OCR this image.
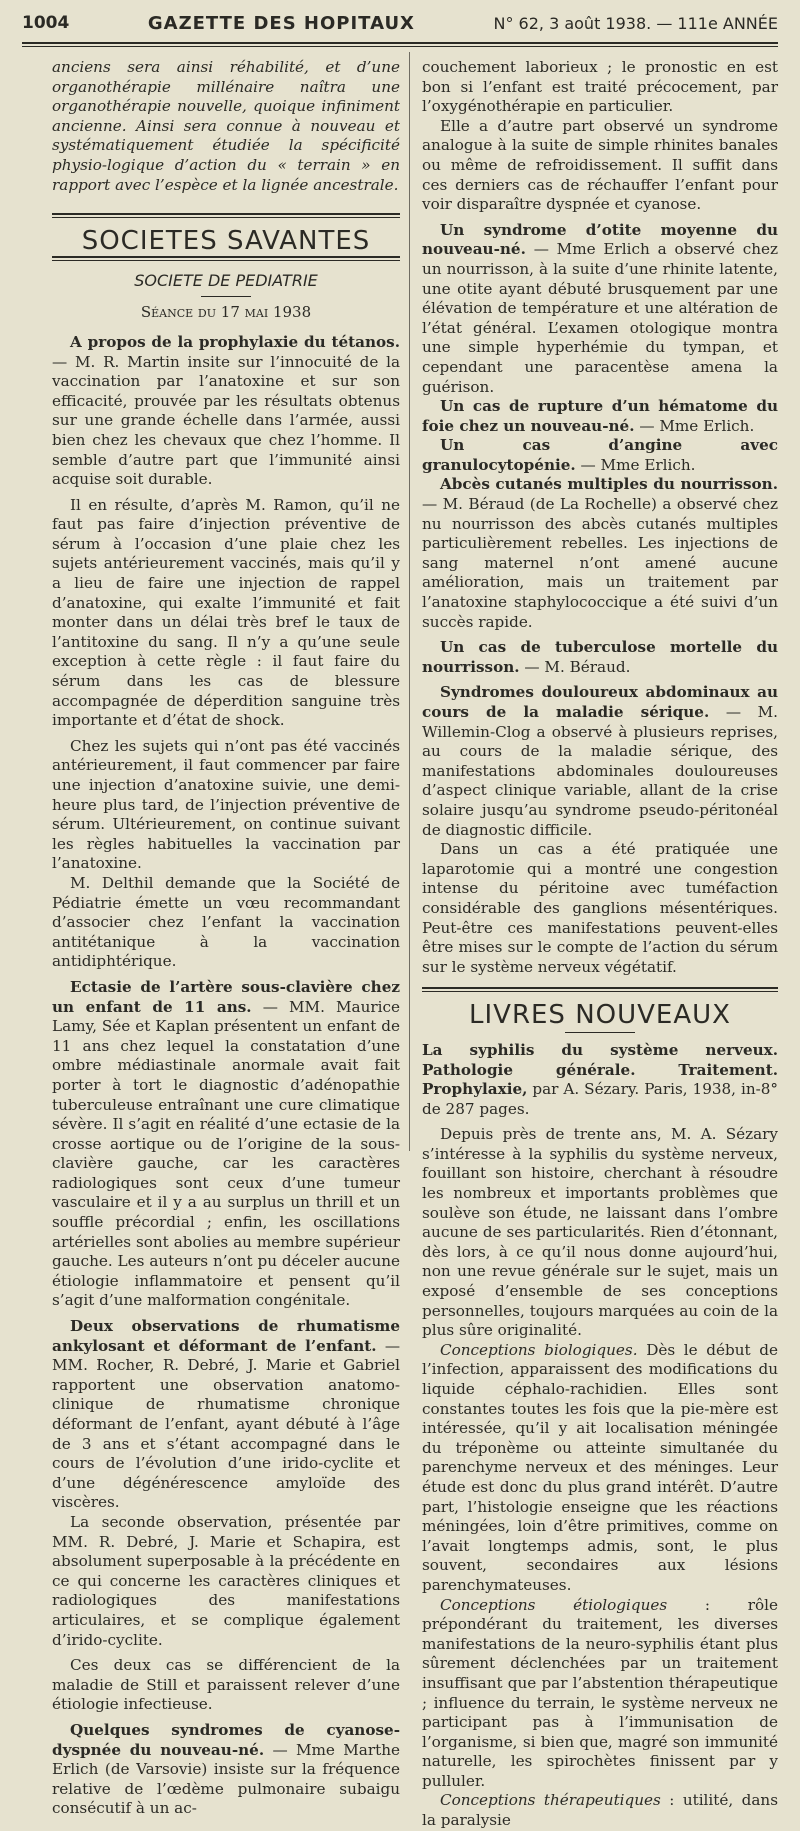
1004	GAZETTE DES HOPITAUX	N° 62, 3 août 1938. — 111e ANNÉE

anciens sera ainsi réhabilité, et d’une organothérapie millénaire naîtra une organothérapie nouvelle, quoique infiniment ancienne. Ainsi sera connue à nouveau et systématiquement étudiée la spécificité physio-logique d’action du « terrain » en rapport avec l’espèce et la lignée ancestrale.

SOCIETES SAVANTES
SOCIETE DE PEDIATRIE
Séance du 17 mai 1938

A propos de la prophylaxie du tétanos. — M. R. Martin insite sur l’innocuité de la vaccination par l’anatoxine et sur son efficacité, prouvée par les résultats obtenus sur une grande échelle dans l’armée, aussi bien chez les chevaux que chez l’homme. Il semble d’autre part que l’immunité ainsi acquise soit durable.

Il en résulte, d’après M. Ramon, qu’il ne faut pas faire d’injection préventive de sérum à l’occasion d’une plaie chez les sujets antérieurement vaccinés, mais qu’il y a lieu de faire une injection de rappel d’anatoxine, qui exalte l’immunité et fait monter dans un délai très bref le taux de l’antitoxine du sang. Il n’y a qu’une seule exception à cette règle : il faut faire du sérum dans les cas de blessure accompagnée de déperdition sanguine très importante et d’état de shock.

Chez les sujets qui n’ont pas été vaccinés antérieurement, il faut commencer par faire une injection d’anatoxine suivie, une demi-heure plus tard, de l’injection préventive de sérum. Ultérieurement, on continue suivant les règles habituelles la vaccination par l’anatoxine.

M. Delthil demande que la Société de Pédiatrie émette un vœu recommandant d’associer chez l’enfant la vaccination antitétanique à la vaccination antidiphtérique.

Ectasie de l’artère sous-clavière chez un enfant de 11 ans. — MM. Maurice Lamy, Sée et Kaplan présentent un enfant de 11 ans chez lequel la constatation d’une ombre médiastinale anormale avait fait porter à tort le diagnostic d’adénopathie tuberculeuse entraînant une cure climatique sévère. Il s’agit en réalité d’une ectasie de la crosse aortique ou de l’origine de la sous-clavière gauche, car les caractères radiologiques sont ceux d’une tumeur vasculaire et il y a au surplus un thrill et un souffle précordial ; enfin, les oscillations artérielles sont abolies au membre supérieur gauche. Les auteurs n’ont pu déceler aucune étiologie inflammatoire et pensent qu’il s’agit d’une malformation congénitale.

Deux observations de rhumatisme ankylosant et déformant de l’enfant. — MM. Rocher, R. Debré, J. Marie et Gabriel rapportent une observation anatomo-clinique de rhumatisme chronique déformant de l’enfant, ayant débuté à l’âge de 3 ans et s’étant accompagné dans le cours de l’évolution d’une irido-cyclite et d’une dégénérescence amyloïde des viscères.

La seconde observation, présentée par MM. R. Debré, J. Marie et Schapira, est absolument superposable à la précédente en ce qui concerne les caractères cliniques et radiologiques des manifestations articulaires, et se complique également d’irido-cyclite.

Ces deux cas se différencient de la maladie de Still et paraissent relever d’une étiologie infectieuse.

Quelques syndromes de cyanose-dyspnée du nouveau-né. — Mme Marthe Erlich (de Varsovie) insiste sur la fréquence relative de l’œdème pulmonaire subaigu consécutif à un ac-

couchement laborieux ; le pronostic en est bon si l’enfant est traité précocement, par l’oxygénothérapie en particulier.

Elle a d’autre part observé un syndrome analogue à la suite de simple rhinites banales ou même de refroidissement. Il suffit dans ces derniers cas de réchauffer l’enfant pour voir disparaître dyspnée et cyanose.

Un syndrome d’otite moyenne du nouveau-né. — Mme Erlich a observé chez un nourrisson, à la suite d’une rhinite latente, une otite ayant débuté brusquement par une élévation de température et une altération de l’état général. L’examen otologique montra une simple hyperhémie du tympan, et cependant une paracentèse amena la guérison.

Un cas de rupture d’un hématome du foie chez un nouveau-né. — Mme Erlich.

Un cas d’angine avec granulocytopénie. — Mme Erlich.

Abcès cutanés multiples du nourrisson. — M. Béraud (de La Rochelle) a observé chez nu nourrisson des abcès cutanés multiples particulièrement rebelles. Les injections de sang maternel n’ont amené aucune amélioration, mais un traitement par l’anatoxine staphylococcique a été suivi d’un succès rapide.

Un cas de tuberculose mortelle du nourrisson. — M. Béraud.

Syndromes douloureux abdominaux au cours de la maladie sérique. — M. Willemin-Clog a observé à plusieurs reprises, au cours de la maladie sérique, des manifestations abdominales douloureuses d’aspect clinique variable, allant de la crise solaire jusqu’au syndrome pseudo-péritonéal de diagnostic difficile.

Dans un cas a été pratiquée une laparotomie qui a montré une congestion intense du péritoine avec tuméfaction considérable des ganglions mésentériques. Peut-être ces manifestations peuvent-elles être mises sur le compte de l’action du sérum sur le système nerveux végétatif.

LIVRES NOUVEAUX

La syphilis du système nerveux. Pathologie générale. Traitement. Prophylaxie, par A. Sézary. Paris, 1938, in-8° de 287 pages.

Depuis près de trente ans, M. A. Sézary s’intéresse à la syphilis du système nerveux, fouillant son histoire, cherchant à résoudre les nombreux et importants problèmes que soulève son étude, ne laissant dans l’ombre aucune de ses particularités. Rien d’étonnant, dès lors, à ce qu’il nous donne aujourd’hui, non une revue générale sur le sujet, mais un exposé d’ensemble de ses conceptions personnelles, toujours marquées au coin de la plus sûre originalité.

Conceptions biologiques. Dès le début de l’infection, apparaissent des modifications du liquide céphalo-rachidien. Elles sont constantes toutes les fois que la pie-mère est intéressée, qu’il y ait localisation méningée du tréponème ou atteinte simultanée du parenchyme nerveux et des méninges. Leur étude est donc du plus grand intérêt. D’autre part, l’histologie enseigne que les réactions méningées, loin d’être primitives, comme on l’avait longtemps admis, sont, le plus souvent, secondaires aux lésions parenchymateuses.

Conceptions étiologiques : rôle prépondérant du traitement, les diverses manifestations de la neuro-syphilis étant plus sûrement déclenchées par un traitement insuffisant que par l’abstention thérapeutique ; influence du terrain, le système nerveux ne participant pas à l’immunisation de l’organisme, si bien que, magré son immunité naturelle, les spirochètes finissent par y pulluler.

Conceptions thérapeutiques : utilité, dans la paralysie
